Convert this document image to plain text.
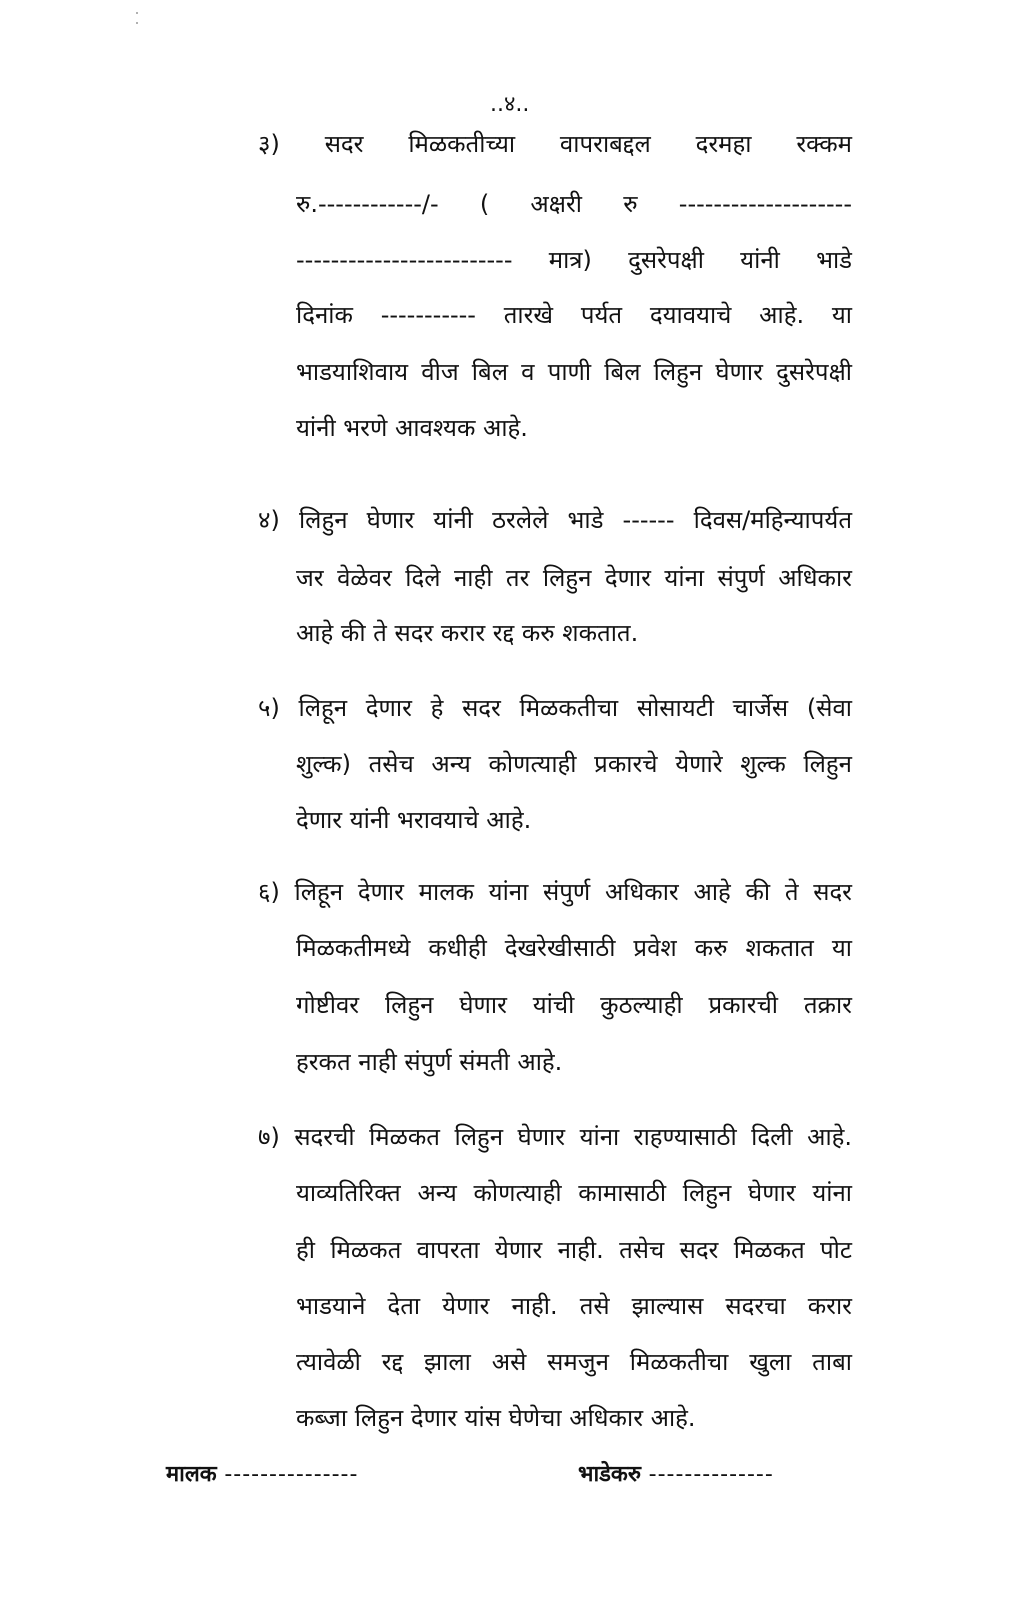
..४..
३) सदर मिळकतीच्या वापराबद्दल दरमहा रक्कम
रु.------------/- ( अक्षरी रु --------------------
------------------------- मात्र) दुसरेपक्षी यांनी भाडे
दिनांक ----------- तारखे पर्यत दयावयाचे आहे. या
भाडयाशिवाय वीज बिल व पाणी बिल लिहुन घेणार दुसरेपक्षी
यांनी भरणे आवश्यक आहे.
४) लिहुन घेणार यांनी ठरलेले भाडे ------ दिवस/महिन्यापर्यत
जर वेळेवर दिले नाही तर लिहुन देणार यांना संपुर्ण अधिकार
आहे की ते सदर करार रद्द करु शकतात.
५) लिहून देणार हे सदर मिळकतीचा सोसायटी चार्जेस (सेवा
शुल्क) तसेच अन्य कोणत्याही प्रकारचे येणारे शुल्क लिहुन
देणार यांनी भरावयाचे आहे.
६) लिहून देणार मालक यांना संपुर्ण अधिकार आहे की ते सदर
मिळकतीमध्ये कधीही देखरेखीसाठी प्रवेश करु शकतात या
गोष्टीवर लिहुन घेणार यांची कुठल्याही प्रकारची तक्रार
हरकत नाही संपुर्ण संमती आहे.
७) सदरची मिळकत लिहुन घेणार यांना राहण्यासाठी दिली आहे.
याव्यतिरिक्त अन्य कोणत्याही कामासाठी लिहुन घेणार यांना
ही मिळकत वापरता येणार नाही. तसेच सदर मिळकत पोट
भाडयाने देता येणार नाही. तसे झाल्यास सदरचा करार
त्यावेळी रद्द झाला असे समजुन मिळकतीचा खुला ताबा
कब्जा लिहुन देणार यांस घेणेचा अधिकार आहे.
मालक ---------------	भाडेकरु --------------
